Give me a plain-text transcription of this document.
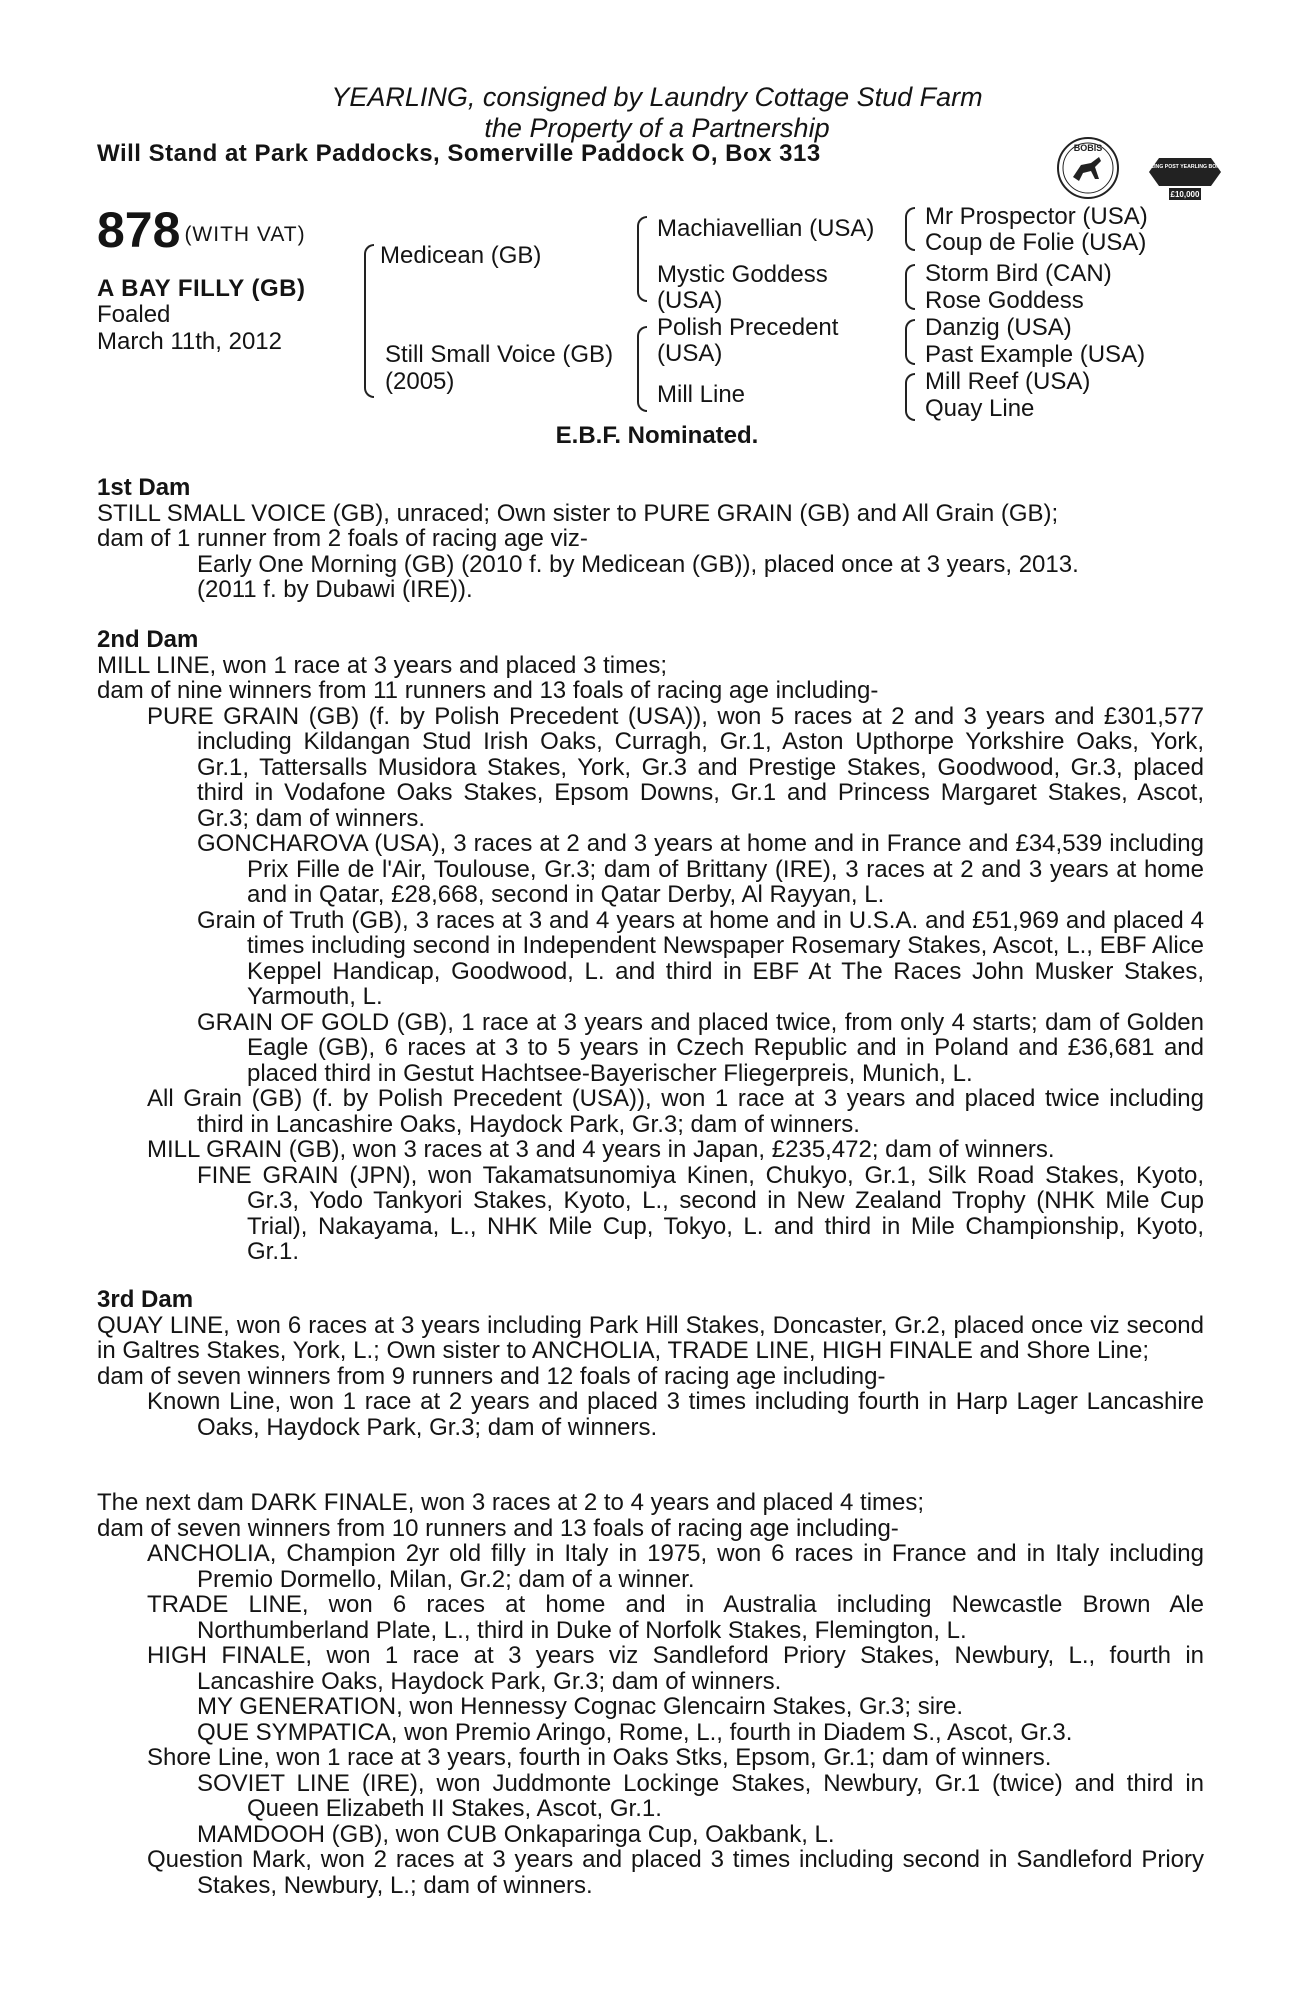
YEARLING, consigned by Laundry Cottage Stud Farm
the Property of a Partnership
Will Stand at Park Paddocks, Somerville Paddock O, Box 313	BOBIS
RACING POST YEARLING BONUS
£10,000
878 (WITH VAT)
A BAY FILLY (GB)
Foaled
March 11th, 2012
Medicean (GB)
Still Small Voice (GB)
(2005)
Machiavellian (USA)
Mystic Goddess
(USA)
Polish Precedent
(USA)
Mill Line
Mr Prospector (USA)
Coup de Folie (USA)
Storm Bird (CAN)
Rose Goddess
Danzig (USA)
Past Example (USA)
Mill Reef (USA)
Quay Line
E.B.F. Nominated.

1st Dam

STILL SMALL VOICE (GB), unraced; Own sister to PURE GRAIN (GB) and All Grain (GB);

dam of 1 runner from 2 foals of racing age viz-

Early One Morning (GB) (2010 f. by Medicean (GB)), placed once at 3 years, 2013.

(2011 f. by Dubawi (IRE)).

2nd Dam

MILL LINE, won 1 race at 3 years and placed 3 times;

dam of nine winners from 11 runners and 13 foals of racing age including-

PURE GRAIN (GB) (f. by Polish Precedent (USA)), won 5 races at 2 and 3 years and £301,577 including Kildangan Stud Irish Oaks, Curragh, Gr.1, Aston Upthorpe Yorkshire Oaks, York, Gr.1, Tattersalls Musidora Stakes, York, Gr.3 and Prestige Stakes, Goodwood, Gr.3, placed third in Vodafone Oaks Stakes, Epsom Downs, Gr.1 and Princess Margaret Stakes, Ascot, Gr.3; dam of winners.

GONCHAROVA (USA), 3 races at 2 and 3 years at home and in France and £34,539 including Prix Fille de l'Air, Toulouse, Gr.3; dam of Brittany (IRE), 3 races at 2 and 3 years at home and in Qatar, £28,668, second in Qatar Derby, Al Rayyan, L.

Grain of Truth (GB), 3 races at 3 and 4 years at home and in U.S.A. and £51,969 and placed 4 times including second in Independent Newspaper Rosemary Stakes, Ascot, L., EBF Alice Keppel Handicap, Goodwood, L. and third in EBF At The Races John Musker Stakes, Yarmouth, L.

GRAIN OF GOLD (GB), 1 race at 3 years and placed twice, from only 4 starts; dam of Golden Eagle (GB), 6 races at 3 to 5 years in Czech Republic and in Poland and £36,681 and placed third in Gestut Hachtsee-Bayerischer Fliegerpreis, Munich, L.

All Grain (GB) (f. by Polish Precedent (USA)), won 1 race at 3 years and placed twice including third in Lancashire Oaks, Haydock Park, Gr.3; dam of winners.

MILL GRAIN (GB), won 3 races at 3 and 4 years in Japan, £235,472; dam of winners.

FINE GRAIN (JPN), won Takamatsunomiya Kinen, Chukyo, Gr.1, Silk Road Stakes, Kyoto, Gr.3, Yodo Tankyori Stakes, Kyoto, L., second in New Zealand Trophy (NHK Mile Cup Trial), Nakayama, L., NHK Mile Cup, Tokyo, L. and third in Mile Championship, Kyoto, Gr.1.

3rd Dam

QUAY LINE, won 6 races at 3 years including Park Hill Stakes, Doncaster, Gr.2, placed once viz second in Galtres Stakes, York, L.; Own sister to ANCHOLIA, TRADE LINE, HIGH FINALE and Shore Line;

dam of seven winners from 9 runners and 12 foals of racing age including-

Known Line, won 1 race at 2 years and placed 3 times including fourth in Harp Lager Lancashire Oaks, Haydock Park, Gr.3; dam of winners.

The next dam DARK FINALE, won 3 races at 2 to 4 years and placed 4 times;

dam of seven winners from 10 runners and 13 foals of racing age including-

ANCHOLIA, Champion 2yr old filly in Italy in 1975, won 6 races in France and in Italy including Premio Dormello, Milan, Gr.2; dam of a winner.

TRADE LINE, won 6 races at home and in Australia including Newcastle Brown Ale Northumberland Plate, L., third in Duke of Norfolk Stakes, Flemington, L.

HIGH FINALE, won 1 race at 3 years viz Sandleford Priory Stakes, Newbury, L., fourth in Lancashire Oaks, Haydock Park, Gr.3; dam of winners.

MY GENERATION, won Hennessy Cognac Glencairn Stakes, Gr.3; sire.

QUE SYMPATICA, won Premio Aringo, Rome, L., fourth in Diadem S., Ascot, Gr.3.

Shore Line, won 1 race at 3 years, fourth in Oaks Stks, Epsom, Gr.1; dam of winners.

SOVIET LINE (IRE), won Juddmonte Lockinge Stakes, Newbury, Gr.1 (twice) and third in Queen Elizabeth II Stakes, Ascot, Gr.1.

MAMDOOH (GB), won CUB Onkaparinga Cup, Oakbank, L.

Question Mark, won 2 races at 3 years and placed 3 times including second in Sandleford Priory Stakes, Newbury, L.; dam of winners.
